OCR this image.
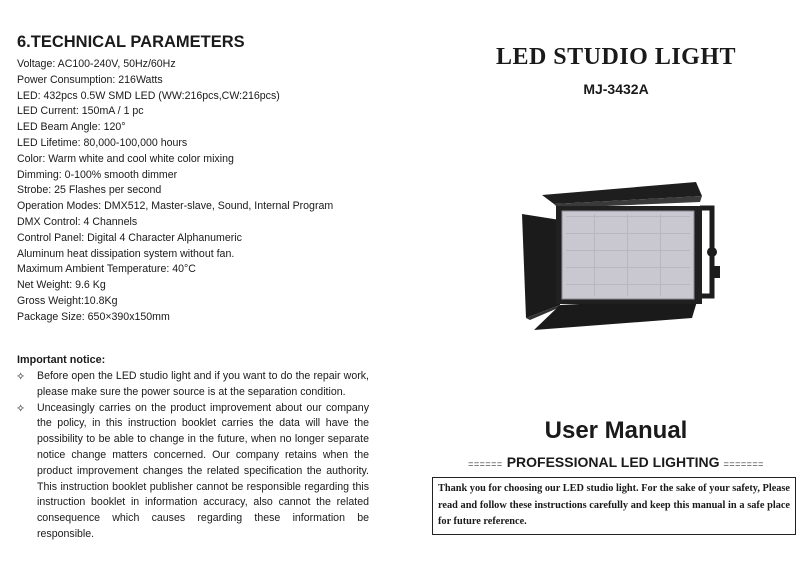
6.TECHNICAL PARAMETERS
Voltage: AC100-240V, 50Hz/60Hz
Power Consumption: 216Watts
LED: 432pcs 0.5W SMD LED (WW:216pcs,CW:216pcs)
LED Current: 150mA / 1 pc
LED Beam Angle: 120°
LED Lifetime: 80,000-100,000 hours
Color: Warm white and cool white color mixing
Dimming: 0-100% smooth dimmer
Strobe: 25 Flashes per second
Operation Modes: DMX512, Master-slave, Sound, Internal Program
DMX Control: 4 Channels
Control Panel: Digital 4 Character Alphanumeric
Aluminum heat dissipation system without fan.
Maximum Ambient Temperature: 40°C
Net Weight: 9.6 Kg
Gross Weight:10.8Kg
Package Size: 650×390x150mm
Important notice:
✧ Before open the LED studio light and if you want to do the repair work, please make sure the power source is at the separation condition.
✧ Unceasingly carries on the product improvement about our company the policy, in this instruction booklet carries the data will have the possibility to be able to change in the future, when no longer separate notice change matters concerned. Our company retains when the product improvement changes the related specification the authority. This instruction booklet publisher cannot be responsible regarding this instruction booklet in information accuracy, also cannot the related consequence which causes regarding these information be responsible.
LED STUDIO LIGHT
MJ-3432A
User Manual
====== PROFESSIONAL LED LIGHTING =======

Thank you for choosing our LED studio light. For the sake of your safety, Please read and follow these instructions carefully and keep this manual in a safe place for future reference.
